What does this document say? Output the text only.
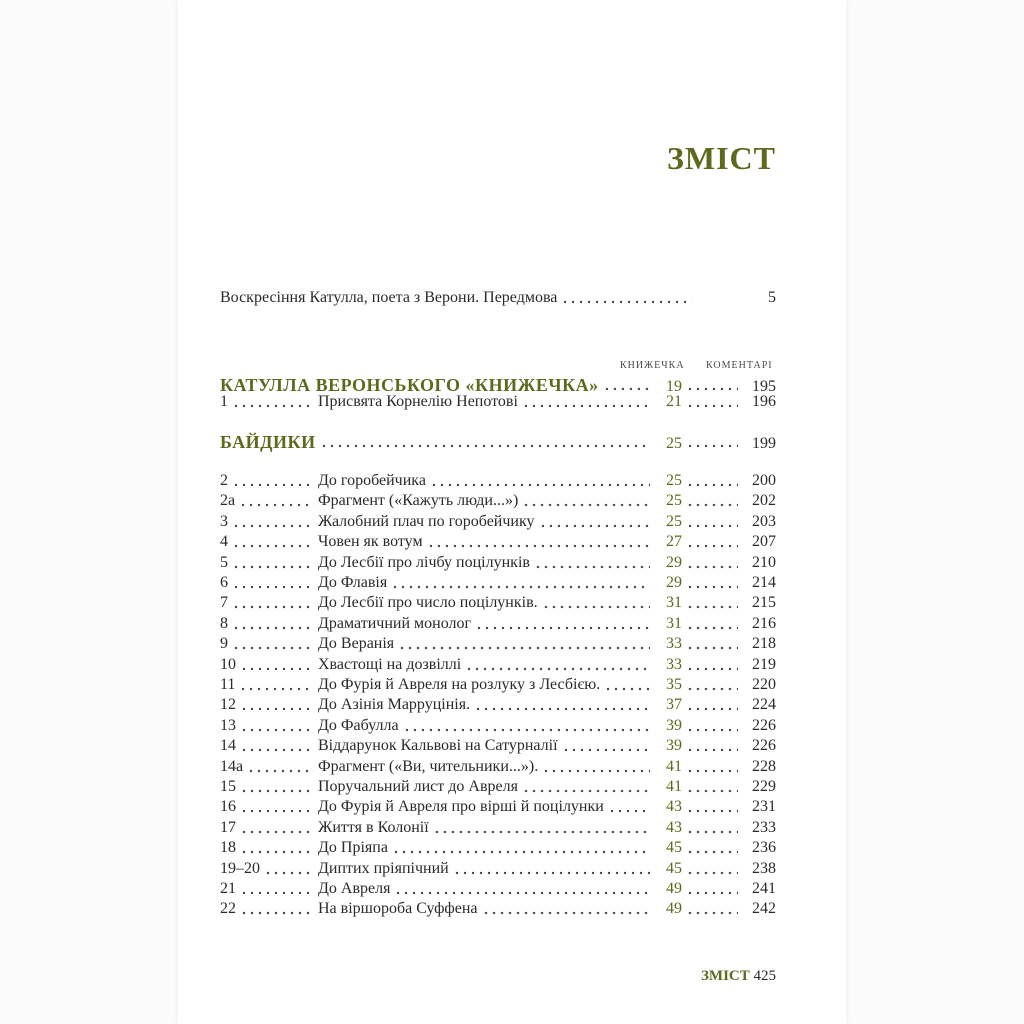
ЗМІСТ
Воскресіння Катулла, поета з Верони. Передмова	5
КНИЖЕЧКА КОМЕНТАРІ
КАТУЛЛА ВЕРОНСЬКОГО «КНИЖЕЧКА»	19	195
1	Присвята Корнелію Непотові	21	196
БАЙДИКИ	25	199
2	До горобейчика	25	200
2а	Фрагмент («Кажуть люди...»)	25	202
3	Жалобний плач по горобейчику	25	203
4	Човен як вотум	27	207
5	До Лесбії про лічбу поцілунків	29	210
6	До Флавія	29	214
7	До Лесбії про число поцілунків.	31	215
8	Драматичний монолог	31	216
9	До Веранія	33	218
10	Хвастощі на дозвіллі	33	219
11	До Фурія й Авреля на розлуку з Лесбією.	35	220
12	До Азінія Марруцінія.	37	224
13	До Фабулла	39	226
14	Віддарунок Кальвові на Сатурналії	39	226
14а	Фрагмент («Ви, чительники...»).	41	228
15	Поручальний лист до Авреля	41	229
16	До Фурія й Авреля про вірші й поцілунки	43	231
17	Життя в Колонії	43	233
18	До Пріяпа	45	236
19–20	Диптих пріяпічний	45	238
21	До Авреля	49	241
22	На віршороба Суффена	49	242
ЗМІСТ 425
